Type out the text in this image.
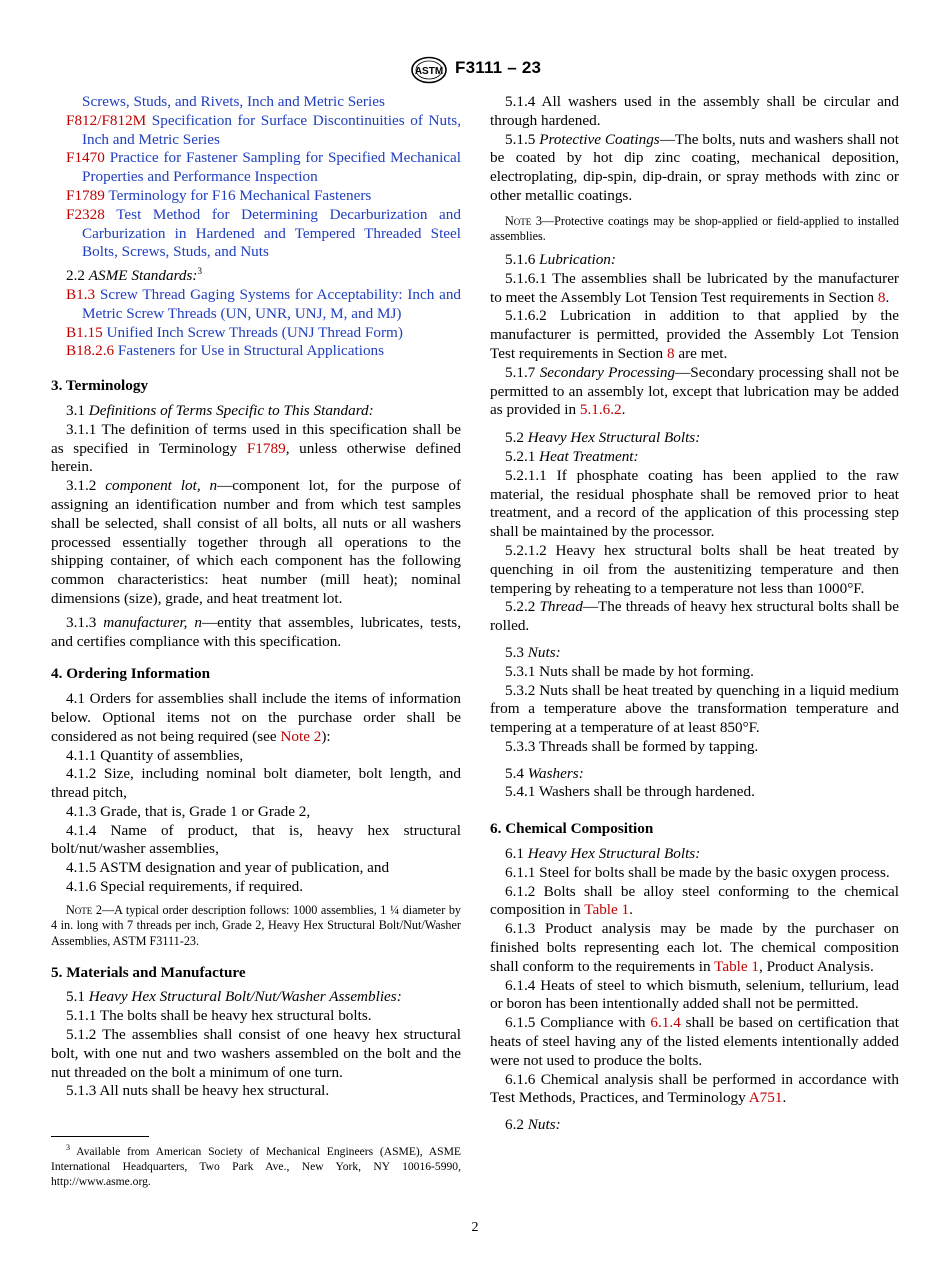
ASTM F3111 – 23

Screws, Studs, and Rivets, Inch and Metric Series

F812/F812M Specification for Surface Discontinuities of Nuts, Inch and Metric Series

F1470 Practice for Fastener Sampling for Specified Mechanical Properties and Performance Inspection

F1789 Terminology for F16 Mechanical Fasteners

F2328 Test Method for Determining Decarburization and Carburization in Hardened and Tempered Threaded Steel Bolts, Screws, Studs, and Nuts

2.2 ASME Standards:$^3$

B1.3 Screw Thread Gaging Systems for Acceptability: Inch and Metric Screw Threads (UN, UNR, UNJ, M, and MJ)

B1.15 Unified Inch Screw Threads (UNJ Thread Form)

B18.2.6 Fasteners for Use in Structural Applications

3. Terminology

3.1 Definitions of Terms Specific to This Standard:

3.1.1 The definition of terms used in this specification shall be as specified in Terminology F1789, unless otherwise defined herein.

3.1.2 component lot, n—component lot, for the purpose of assigning an identification number and from which test samples shall be selected, shall consist of all bolts, all nuts or all washers processed essentially together through all operations to the shipping container, of which each component has the following common characteristics: heat number (mill heat); nominal dimensions (size), grade, and heat treatment lot.

3.1.3 manufacturer, n—entity that assembles, lubricates, tests, and certifies compliance with this specification.

4. Ordering Information

4.1 Orders for assemblies shall include the items of information below. Optional items not on the purchase order shall be considered as not being required (see Note 2):

4.1.1 Quantity of assemblies,

4.1.2 Size, including nominal bolt diameter, bolt length, and thread pitch,

4.1.3 Grade, that is, Grade 1 or Grade 2,

4.1.4 Name of product, that is, heavy hex structural bolt/nut/washer assemblies,

4.1.5 ASTM designation and year of publication, and

4.1.6 Special requirements, if required.

Note 2—A typical order description follows: 1000 assemblies, 1 ¼ diameter by 4 in. long with 7 threads per inch, Grade 2, Heavy Hex Structural Bolt/Nut/Washer Assemblies, ASTM F3111-23.

5. Materials and Manufacture

5.1 Heavy Hex Structural Bolt/Nut/Washer Assemblies:

5.1.1 The bolts shall be heavy hex structural bolts.

5.1.2 The assemblies shall consist of one heavy hex structural bolt, with one nut and two washers assembled on the bolt and the nut threaded on the bolt a minimum of one turn.

5.1.3 All nuts shall be heavy hex structural.

$^3$ Available from American Society of Mechanical Engineers (ASME), ASME International Headquarters, Two Park Ave., New York, NY 10016-5990, http://www.asme.org.

5.1.4 All washers used in the assembly shall be circular and through hardened.

5.1.5 Protective Coatings—The bolts, nuts and washers shall not be coated by hot dip zinc coating, mechanical deposition, electroplating, dip-spin, dip-drain, or spray methods with zinc or other metallic coatings.

Note 3—Protective coatings may be shop-applied or field-applied to installed assemblies.

5.1.6 Lubrication:

5.1.6.1 The assemblies shall be lubricated by the manufacturer to meet the Assembly Lot Tension Test requirements in Section 8.

5.1.6.2 Lubrication in addition to that applied by the manufacturer is permitted, provided the Assembly Lot Tension Test requirements in Section 8 are met.

5.1.7 Secondary Processing—Secondary processing shall not be permitted to an assembly lot, except that lubrication may be added as provided in 5.1.6.2.

5.2 Heavy Hex Structural Bolts:

5.2.1 Heat Treatment:

5.2.1.1 If phosphate coating has been applied to the raw material, the residual phosphate shall be removed prior to heat treatment, and a record of the application of this processing step shall be maintained by the processor.

5.2.1.2 Heavy hex structural bolts shall be heat treated by quenching in oil from the austenitizing temperature and then tempering by reheating to a temperature not less than 1000°F.

5.2.2 Thread—The threads of heavy hex structural bolts shall be rolled.

5.3 Nuts:

5.3.1 Nuts shall be made by hot forming.

5.3.2 Nuts shall be heat treated by quenching in a liquid medium from a temperature above the transformation temperature and tempering at a temperature of at least 850°F.

5.3.3 Threads shall be formed by tapping.

5.4 Washers:

5.4.1 Washers shall be through hardened.

6. Chemical Composition

6.1 Heavy Hex Structural Bolts:

6.1.1 Steel for bolts shall be made by the basic oxygen process.

6.1.2 Bolts shall be alloy steel conforming to the chemical composition in Table 1.

6.1.3 Product analysis may be made by the purchaser on finished bolts representing each lot. The chemical composition shall conform to the requirements in Table 1, Product Analysis.

6.1.4 Heats of steel to which bismuth, selenium, tellurium, lead or boron has been intentionally added shall not be permitted.

6.1.5 Compliance with 6.1.4 shall be based on certification that heats of steel having any of the listed elements intentionally added were not used to produce the bolts.

6.1.6 Chemical analysis shall be performed in accordance with Test Methods, Practices, and Terminology A751.

6.2 Nuts:

2
